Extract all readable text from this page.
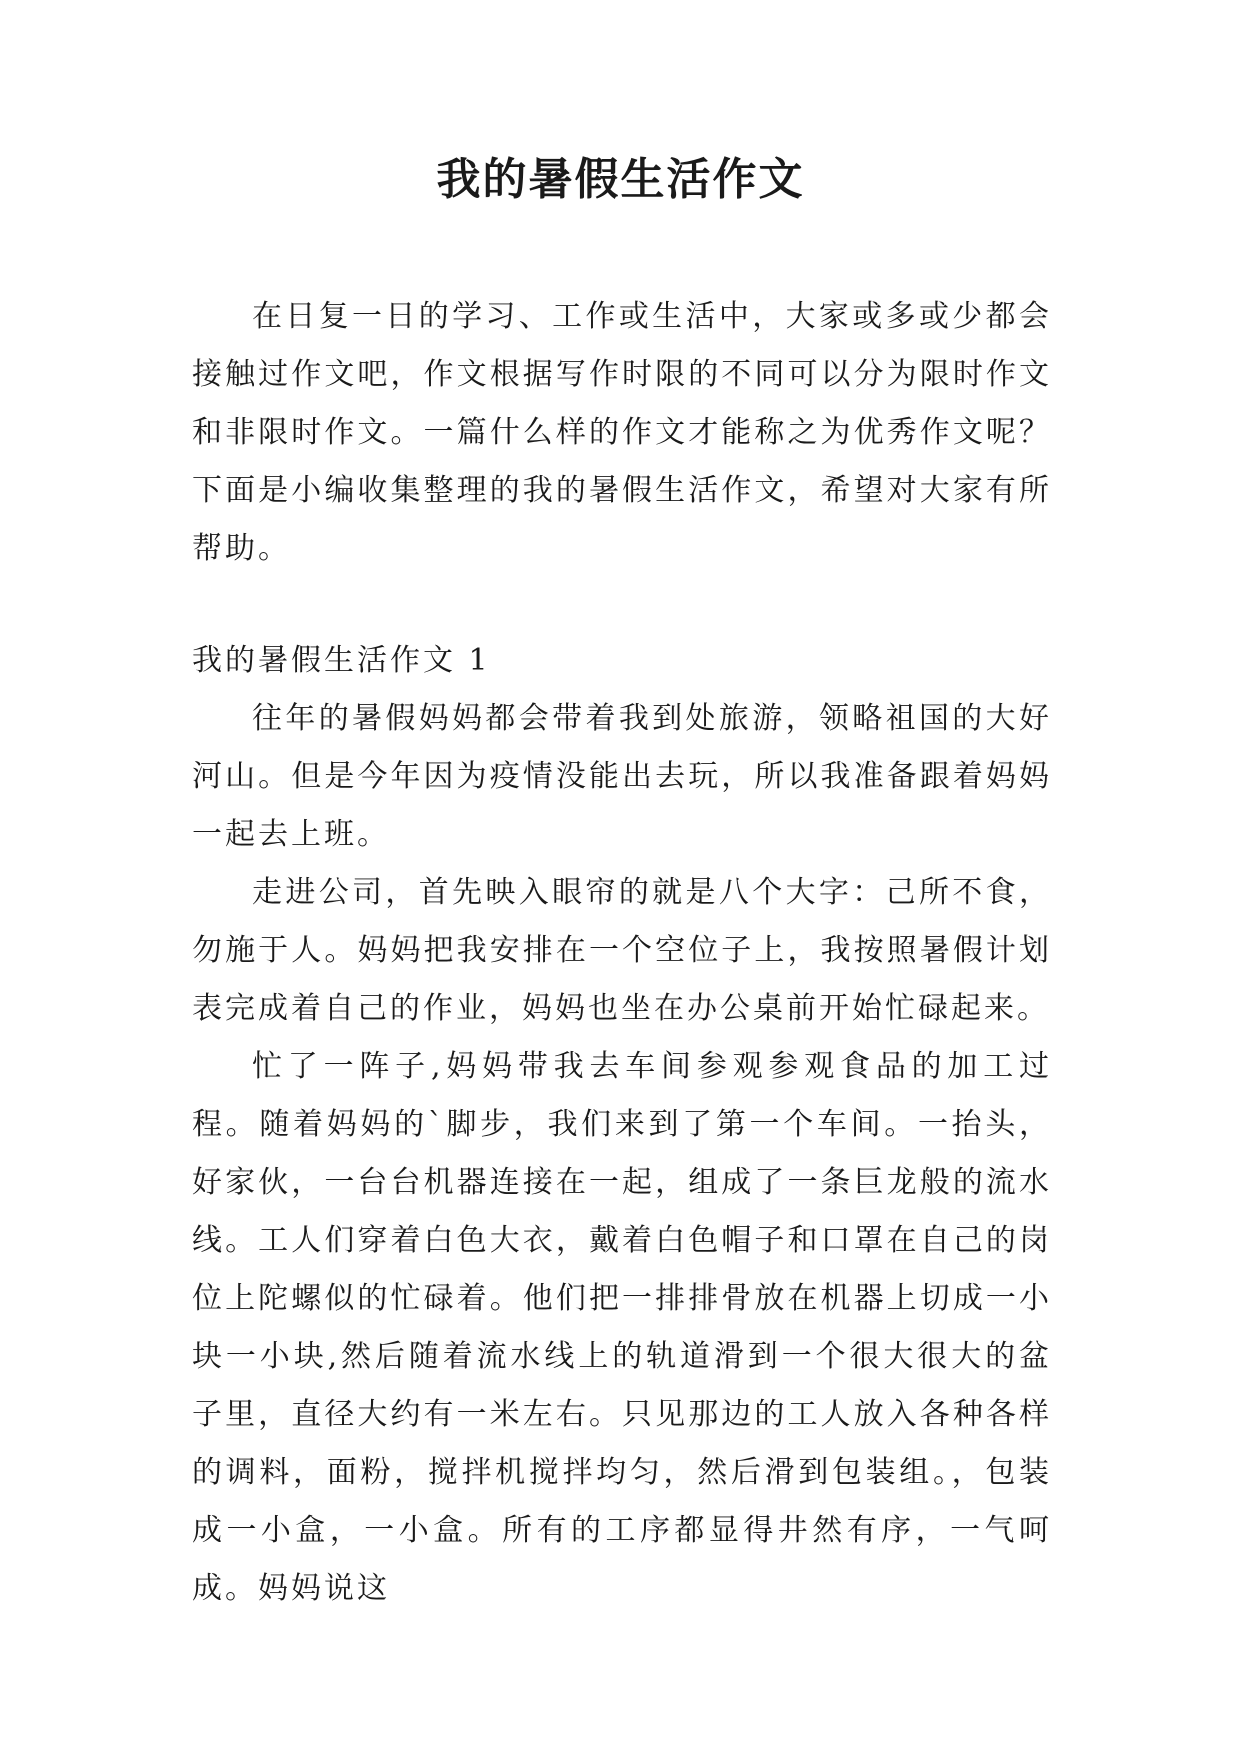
我的暑假生活作文

在日复一日的学习、工作或生活中，大家或多或少都会接触过作文吧，作文根据写作时限的不同可以分为限时作文和非限时作文。一篇什么样的作文才能称之为优秀作文呢？下面是小编收集整理的我的暑假生活作文，希望对大家有所帮助。

我的暑假生活作文 1

往年的暑假妈妈都会带着我到处旅游，领略祖国的大好河山。但是今年因为疫情没能出去玩，所以我准备跟着妈妈一起去上班。

走进公司，首先映入眼帘的就是八个大字：己所不食，勿施于人。妈妈把我安排在一个空位子上，我按照暑假计划表完成着自己的作业，妈妈也坐在办公桌前开始忙碌起来。

忙了一阵子,妈妈带我去车间参观参观食品的加工过程。随着妈妈的`脚步，我们来到了第一个车间。一抬头，好家伙，一台台机器连接在一起，组成了一条巨龙般的流水线。工人们穿着白色大衣，戴着白色帽子和口罩在自己的岗位上陀螺似的忙碌着。他们把一排排骨放在机器上切成一小块一小块,然后随着流水线上的轨道滑到一个很大很大的盆子里，直径大约有一米左右。只见那边的工人放入各种各样的调料，面粉，搅拌机搅拌均匀，然后滑到包装组。，包装成一小盒，一小盒。所有的工序都显得井然有序，一气呵成。妈妈说这
